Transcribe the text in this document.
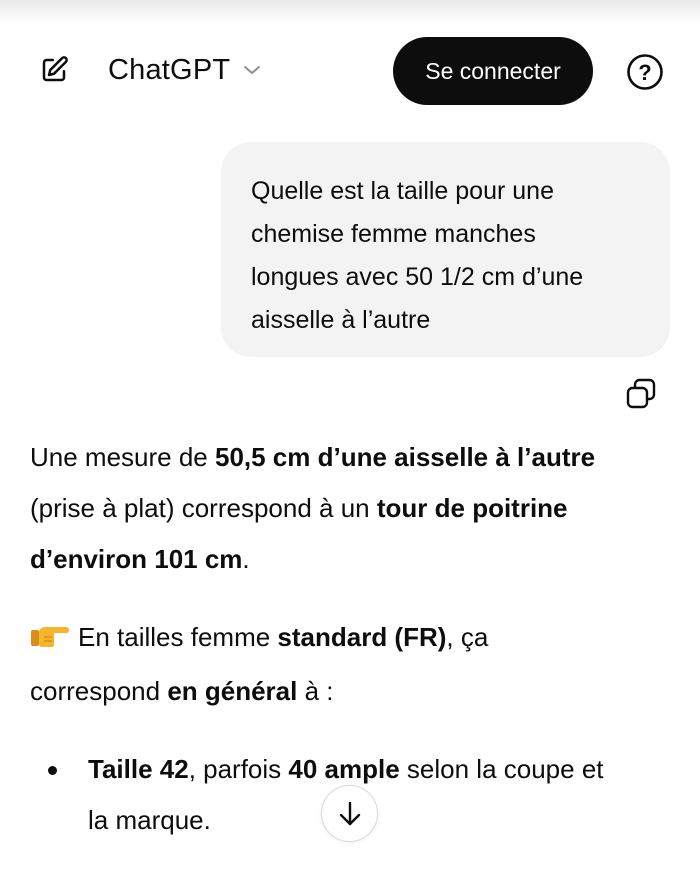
ChatGPT	Se connecter	?
Quelle est la taille pour une
chemise femme manches
longues avec 50 1/2 cm d’une
aisselle à l’autre
Une mesure de 50,5 cm d’une aisselle à l’autre
(prise à plat) correspond à un tour de poitrine
d’environ 101 cm.
En tailles femme standard (FR), ça
correspond en général à :
Taille 42, parfois 40 ample selon la coupe et
la marque.
